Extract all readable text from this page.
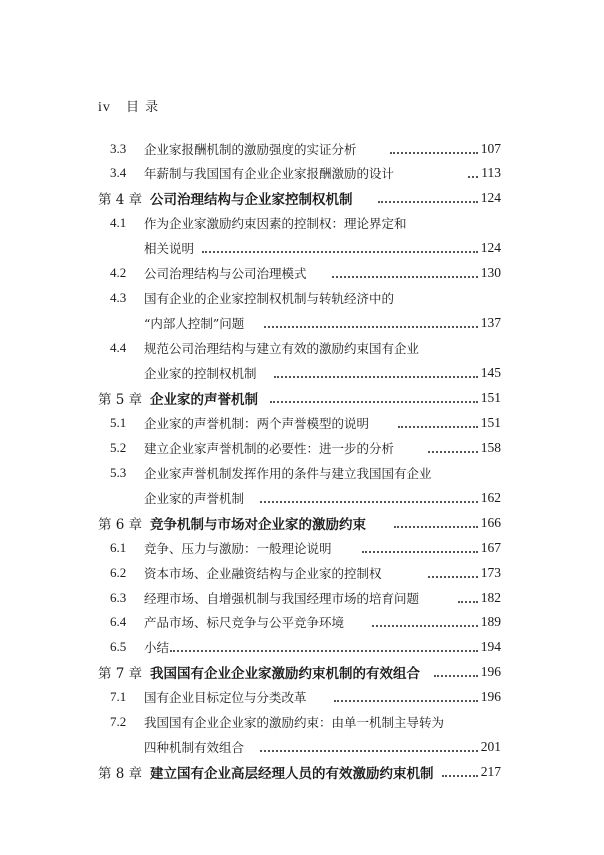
iv 目 录
3.3	企业家报酬机制的激励强度的实证分析	107
3.4	年薪制与我国国有企业企业家报酬激励的设计	113
第 4 章 公司治理结构与企业家控制权机制	124
4.1	作为企业家激励约束因素的控制权：理论界定和
相关说明	124
4.2	公司治理结构与公司治理模式	130
4.3	国有企业的企业家控制权机制与转轨经济中的
“内部人控制”问题	137
4.4	规范公司治理结构与建立有效的激励约束国有企业
企业家的控制权机制	145
第 5 章 企业家的声誉机制	151
5.1	企业家的声誉机制：两个声誉模型的说明	151
5.2	建立企业家声誉机制的必要性：进一步的分析	158
5.3	企业家声誉机制发挥作用的条件与建立我国国有企业
企业家的声誉机制	162
第 6 章 竞争机制与市场对企业家的激励约束	166
6.1	竞争、压力与激励：一般理论说明	167
6.2	资本市场、企业融资结构与企业家的控制权	173
6.3	经理市场、自增强机制与我国经理市场的培育问题	182
6.4	产品市场、标尺竞争与公平竞争环境	189
6.5	小结	194
第 7 章 我国国有企业企业家激励约束机制的有效组合	196
7.1	国有企业目标定位与分类改革	196
7.2	我国国有企业企业家的激励约束：由单一机制主导转为
四种机制有效组合	201
第 8 章 建立国有企业高层经理人员的有效激励约束机制	217
